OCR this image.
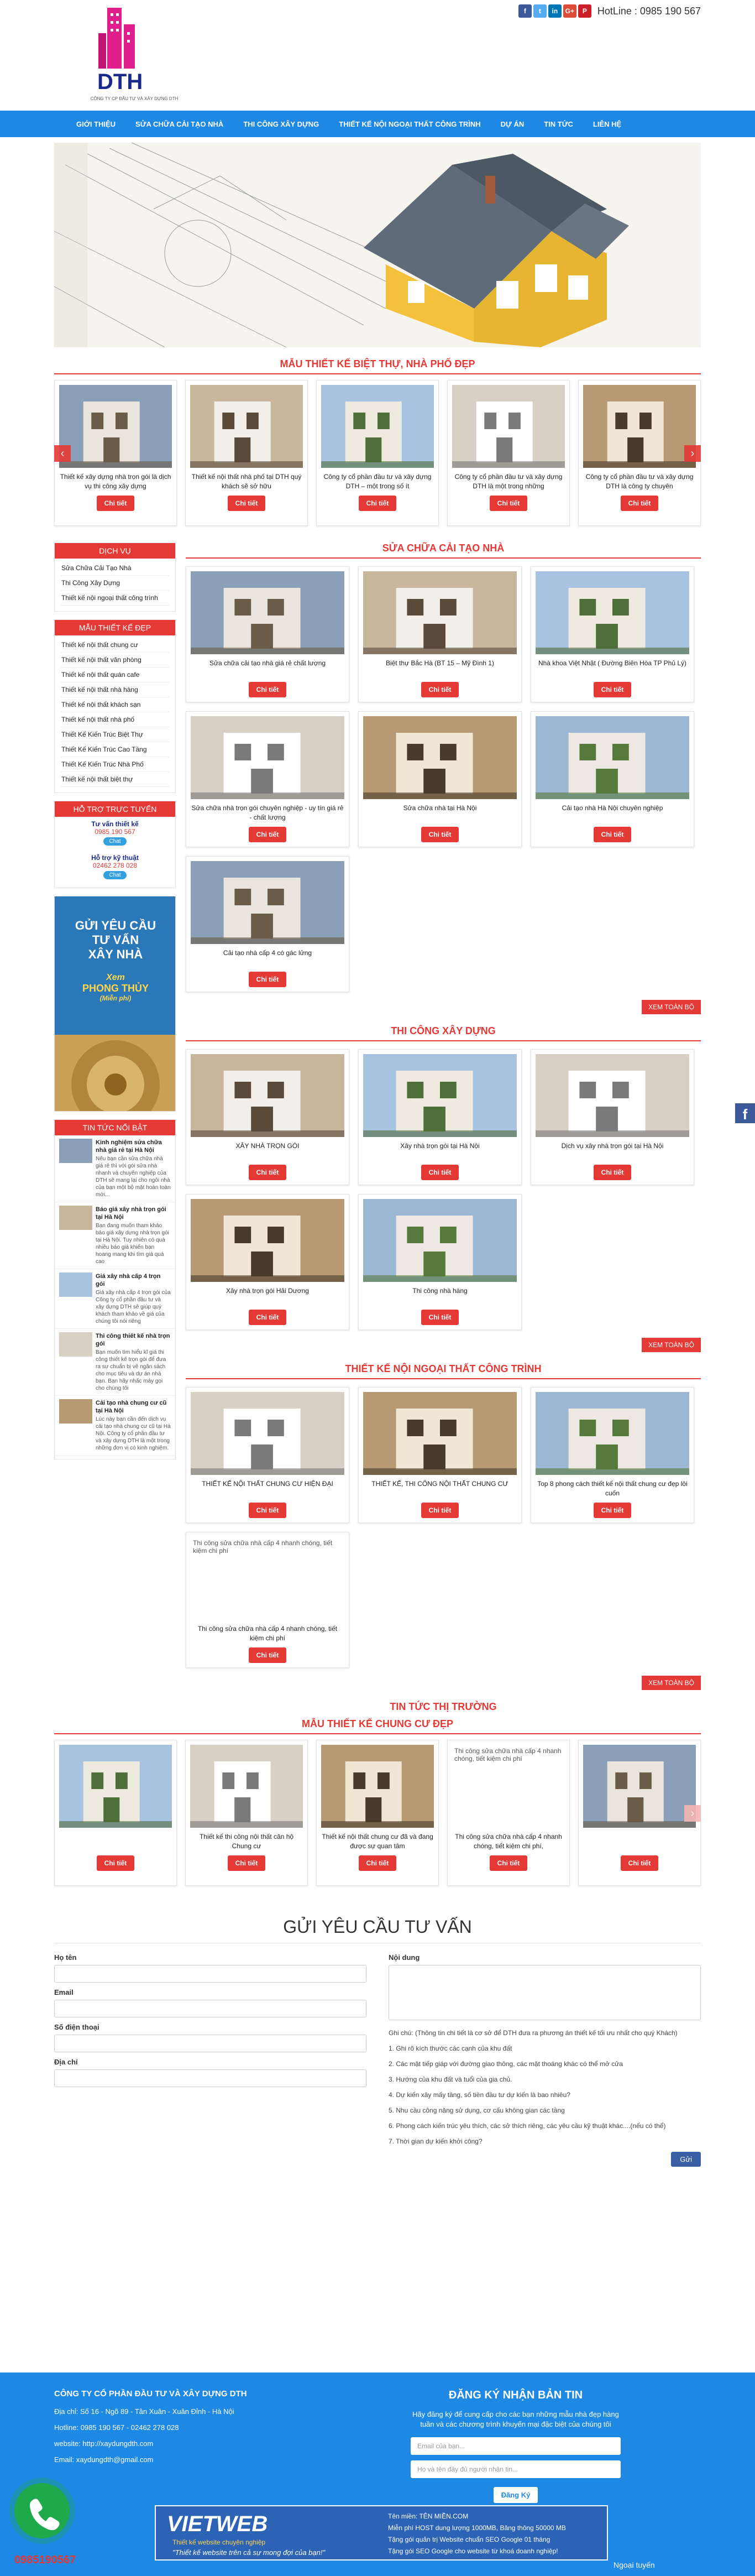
DTH
CÔNG TY CP ĐẦU TƯ VÀ XÂY DỰNG DTH
f	t	in	G+	P	HotLine : 0985 190 567
GIỚI THIỆU	SỬA CHỮA CẢI TẠO NHÀ	THI CÔNG XÂY DỰNG	THIẾT KẾ NỘI NGOẠI THẤT CÔNG TRÌNH	DỰ ÁN	TIN TỨC	LIÊN HỆ
MẪU THIẾT KẾ BIỆT THỰ, NHÀ PHỐ ĐẸP
Thiết kế xây dựng nhà trọn gói là dịch vụ thi công xây dựng
Chi tiết
Thiết kế nội thất nhà phố tại DTH quý khách sẽ sở hữu
Chi tiết
Công ty cổ phần đầu tư và xây dựng DTH – một trong số ít
Chi tiết
Công ty cổ phần đầu tư và xây dựng DTH là một trong những
Chi tiết
Công ty cổ phần đầu tư và xây dựng DTH là công ty chuyên
Chi tiết
‹	›
DỊCH VỤ
Sửa Chữa Cải Tạo Nhà
Thi Công Xây Dựng
Thiết kế nội ngoại thất công trình
MẪU THIẾT KẾ ĐẸP
Thiết kế nội thất chung cư
Thiết kế nội thất văn phòng
Thiết kế nội thất quán cafe
Thiết kế nội thất nhà hàng
Thiết kế nội thất khách sạn
Thiết kế nội thất nhà phố
Thiết Kế Kiến Trúc Biệt Thự
Thiết Kế Kiến Trúc Cao Tầng
Thiết Kế Kiến Trúc Nhà Phố
Thiết kế nội thất biệt thự
HỖ TRỢ TRỰC TUYẾN
Tư vấn thiết kế
0985 190 567
Chat
Hỗ trợ kỹ thuật
02462 278 028
Chat
GỬI YÊU CẦU
TƯ VẤN
XÂY NHÀ
Xem
PHONG THỦY
(Miễn phí)
TIN TỨC NỔI BẬT
Kinh nghiệm sửa chữa nhà giá rẻ tại Hà Nội
Nếu bạn cần sửa chữa nhà giá rẻ thì với gói sửa nhà nhanh và chuyên nghiệp của DTH sẽ mang lại cho ngôi nhà của bạn một bộ mặt hoàn toàn mới...
Báo giá xây nhà trọn gói tại Hà Nội
Bạn đang muốn tham khảo báo giá xây dựng nhà trọn gói tại Hà Nội. Tuy nhiên có quá nhiều báo giá khiến bạn hoang mang khi tìm giá quá cao
Giá xây nhà cấp 4 trọn gói
Giá xây nhà cấp 4 trọn gói của Công ty cổ phần đầu tư và xây dựng DTH sẽ giúp quý khách tham khảo về giá của chúng tôi nói riêng
Thi công thiết kế nhà trọn gói
Bạn muốn tìm hiểu kĩ giá thi công thiết kế trọn gói để đưa ra sự chuẩn bị về ngân sách cho mục tiêu và dự án nhà bạn. Bạn hãy nhấc máy gọi cho chúng tôi
Cải tạo nhà chung cư cũ tại Hà Nội
Lúc này bạn cần đến dịch vụ cải tạo nhà chung cư cũ tại Hà Nội. Công ty cổ phần đầu tư và xây dựng DTH là một trong những đơn vị có kinh nghiệm.
SỬA CHỮA CẢI TẠO NHÀ
Sửa chữa cải tạo nhà giá rẻ chất lượng
Chi tiết
Biệt thự Bắc Hà (BT 15 – Mỹ Đình 1)
Chi tiết
Nhà khoa Việt Nhật ( Đường Biên Hòa TP Phủ Lý)
Chi tiết
Sửa chữa nhà trọn gói chuyên nghiệp - uy tín giá rẻ - chất lượng
Chi tiết
Sửa chữa nhà tại Hà Nội
Chi tiết
Cải tạo nhà Hà Nội chuyên nghiệp
Chi tiết
Cải tạo nhà cấp 4 có gác lửng
Chi tiết
XEM TOÀN BỘ
THI CÔNG XÂY DỰNG
XÂY NHÀ TRỌN GÓI
Chi tiết
Xây nhà trọn gói tại Hà Nội
Chi tiết
Dịch vụ xây nhà trọn gói tại Hà Nội
Chi tiết
Xây nhà trọn gói Hải Dương
Chi tiết
Thi công nhà hàng
Chi tiết
XEM TOÀN BỘ
THIẾT KẾ NỘI NGOẠI THẤT CÔNG TRÌNH
THIẾT KẾ NỘI THẤT CHUNG CƯ HIỆN ĐẠI
Chi tiết
THIẾT KẾ, THI CÔNG NỘI THẤT CHUNG CƯ
Chi tiết
Top 8 phong cách thiết kế nội thất chung cư đẹp lôi cuốn
Chi tiết
Thi công sửa chữa nhà cấp 4 nhanh chóng, tiết kiệm chi phí
Thi công sửa chữa nhà cấp 4 nhanh chóng, tiết kiệm chi phí
Chi tiết
XEM TOÀN BỘ
TIN TỨC THỊ TRƯỜNG
MẪU THIẾT KẾ CHUNG CƯ ĐẸP
Chi tiết
Thiết kế thi công nội thất căn hộ Chung cư
Chi tiết
Thiết kế nội thất chung cư đã và đang được sự quan tâm
Chi tiết
Thi công sửa chữa nhà cấp 4 nhanh chóng, tiết kiệm chi phí
Thi công sửa chữa nhà cấp 4 nhanh chóng, tiết kiệm chi phí,
Chi tiết	Chi tiết
›
GỬI YÊU CẦU TƯ VẤN
Họ tên
Email
Số điện thoại
Địa chỉ
Nội dung

Ghi chú: (Thông tin chi tiết là cơ sở để DTH đưa ra phương án thiết kế tối ưu nhất cho quý Khách)

1. Ghi rõ kích thước các cạnh của khu đất

2. Các mặt tiếp giáp với đường giao thông, các mặt thoáng khác có thể mở cửa

3. Hướng của khu đất và tuổi của gia chủ.

4. Dự kiến xây mấy tầng, số tiền đầu tư dự kiến là bao nhiêu?

5. Nhu cầu công năng sử dụng, cơ cấu không gian các tầng

6. Phong cách kiến trúc yêu thích, các sở thích riêng, các yêu cầu kỹ thuật khác....(nếu có thể)

7. Thời gian dự kiến khởi công?

Gửi
CÔNG TY CỔ PHẦN ĐẦU TƯ VÀ XÂY DỰNG DTH

Địa chỉ: Số 16 - Ngõ 89 - Tân Xuân - Xuân Đỉnh - Hà Nội

Hotline: 0985 190 567 - 02462 278 028

website: http://xaydungdth.com

Email: xaydungdth@gmail.com

ĐĂNG KÝ NHẬN BẢN TIN
Hãy đăng ký để cung cấp cho các bạn những mẫu nhà đẹp hàng tuần và các chương trình khuyến mại đặc biệt của chúng tôi
Email của bạn...
Họ và tên đầy đủ người nhận tin...
Đăng Ký
VIETWEB
Thiết kế website chuyên nghiệp
"Thiết kế website trên cả sự mong đợi của bạn!"
Tên miền: TÊN MIỀN.COM
Miễn phí HOST dung lượng 1000MB, Băng thông 50000 MB
Tặng gói quản trị Website chuẩn SEO Google 01 tháng
Tặng gói SEO Google cho website từ khoá doanh nghiệp!
Ngoại tuyến
f
0985190567
